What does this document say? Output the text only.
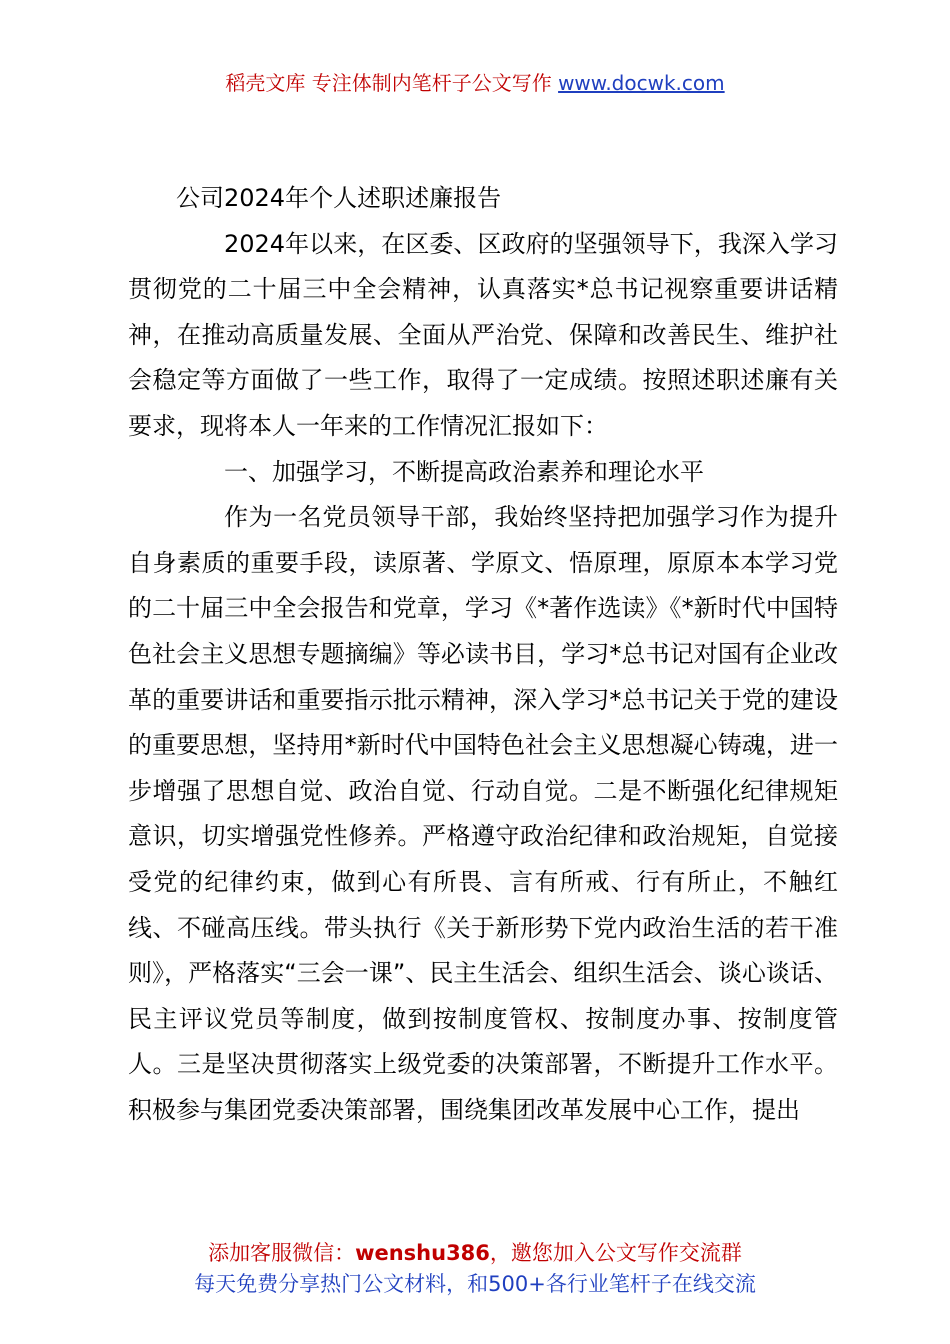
稻壳文库 专注体制内笔杆子公文写作 www.docwk.com

公司2024年个人述职述廉报告

2024年以来，在区委、区政府的坚强领导下，我深入学习贯彻党的二十届三中全会精神，认真落实*总书记视察重要讲话精神，在推动高质量发展、全面从严治党、保障和改善民生、维护社会稳定等方面做了一些工作，取得了一定成绩。按照述职述廉有关要求，现将本人一年来的工作情况汇报如下：

一、加强学习，不断提高政治素养和理论水平

作为一名党员领导干部，我始终坚持把加强学习作为提升自身素质的重要手段，读原著、学原文、悟原理，原原本本学习党的二十届三中全会报告和党章，学习《*著作选读》《*新时代中国特色社会主义思想专题摘编》等必读书目，学习*总书记对国有企业改革的重要讲话和重要指示批示精神，深入学习*总书记关于党的建设的重要思想，坚持用*新时代中国特色社会主义思想凝心铸魂，进一步增强了思想自觉、政治自觉、行动自觉。二是不断强化纪律规矩意识，切实增强党性修养。严格遵守政治纪律和政治规矩，自觉接受党的纪律约束，做到心有所畏、言有所戒、行有所止，不触红线、不碰高压线。带头执行《关于新形势下党内政治生活的若干准则》，严格落实“三会一课”、民主生活会、组织生活会、谈心谈话、民主评议党员等制度，做到按制度管权、按制度办事、按制度管人。三是坚决贯彻落实上级党委的决策部署，不断提升工作水平。积极参与集团党委决策部署，围绕集团改革发展中心工作，提出

添加客服微信：wenshu386，邀您加入公文写作交流群
每天免费分享热门公文材料，和500+各行业笔杆子在线交流
